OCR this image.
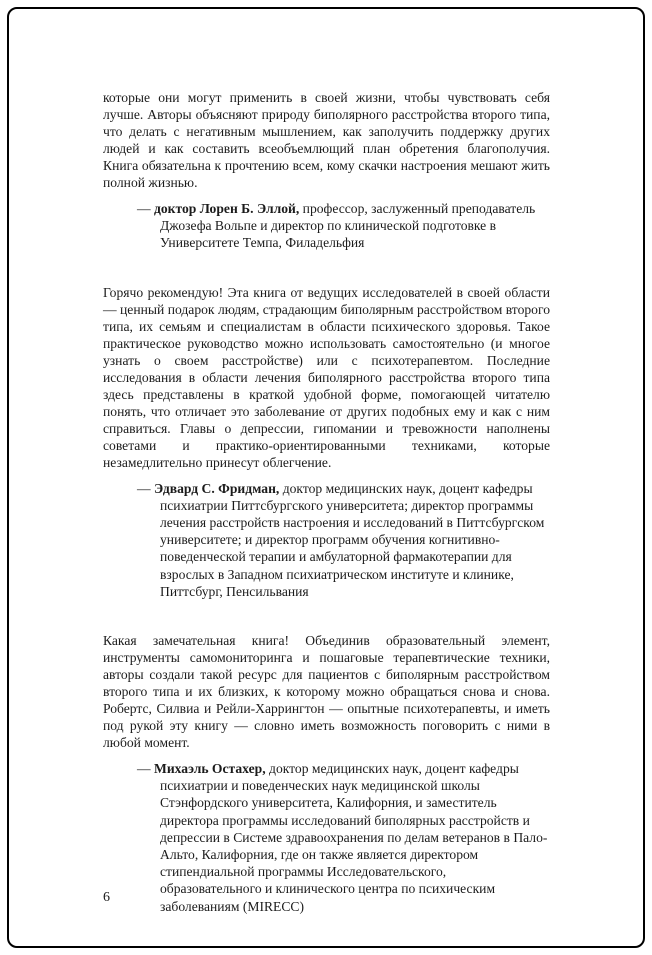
которые они могут применить в своей жизни, чтобы чувствовать себя лучше. Авторы объясняют природу биполярного расстройства второго типа, что делать с негативным мышлением, как заполучить поддержку других людей и как составить всеобъемлющий план обретения благополучия. Книга обязательна к прочтению всем, кому скачки настроения мешают жить полной жизнью.

— доктор Лорен Б. Эллой, профессор, заслуженный преподаватель Джозефа Вольпе и директор по клинической подготовке в Университете Темпа, Филадельфия

Горячо рекомендую! Эта книга от ведущих исследователей в своей области — ценный подарок людям, страдающим биполярным расстройством второго типа, их семьям и специалистам в области психического здоровья. Такое практическое руководство можно использовать самостоятельно (и многое узнать о своем расстройстве) или с психотерапевтом. Последние исследования в области лечения биполярного расстройства второго типа здесь представлены в краткой удобной форме, помогающей читателю понять, что отличает это заболевание от других подобных ему и как с ним справиться. Главы о депрессии, гипомании и тревожности наполнены советами и практико-ориентированными техниками, которые незамедлительно принесут облегчение.

— Эдвард С. Фридман, доктор медицинских наук, доцент кафедры психиатрии Питтсбургского университета; директор программы лечения расстройств настроения и исследований в Питтсбургском университете; и директор программ обучения когнитивно-поведенческой терапии и амбулаторной фармакотерапии для взрослых в Западном психиатрическом институте и клинике, Питтсбург, Пенсильвания

Какая замечательная книга! Объединив образовательный элемент, инструменты самомониторинга и пошаговые терапевтические техники, авторы создали такой ресурс для пациентов с биполярным расстройством второго типа и их близких, к которому можно обращаться снова и снова. Робертс, Силвиа и Рейли-Харрингтон — опытные психотерапевты, и иметь под рукой эту книгу — словно иметь возможность поговорить с ними в любой момент.

— Михаэль Остахер, доктор медицинских наук, доцент кафедры психиатрии и поведенческих наук медицинской школы Стэнфордского университета, Калифорния, и заместитель директора программы исследований биполярных расстройств и депрессии в Системе здравоохранения по делам ветеранов в Пало-Альто, Калифорния, где он также является директором стипендиальной программы Исследовательского, образовательного и клинического центра по психическим заболеваниям (MIRECC)

6
